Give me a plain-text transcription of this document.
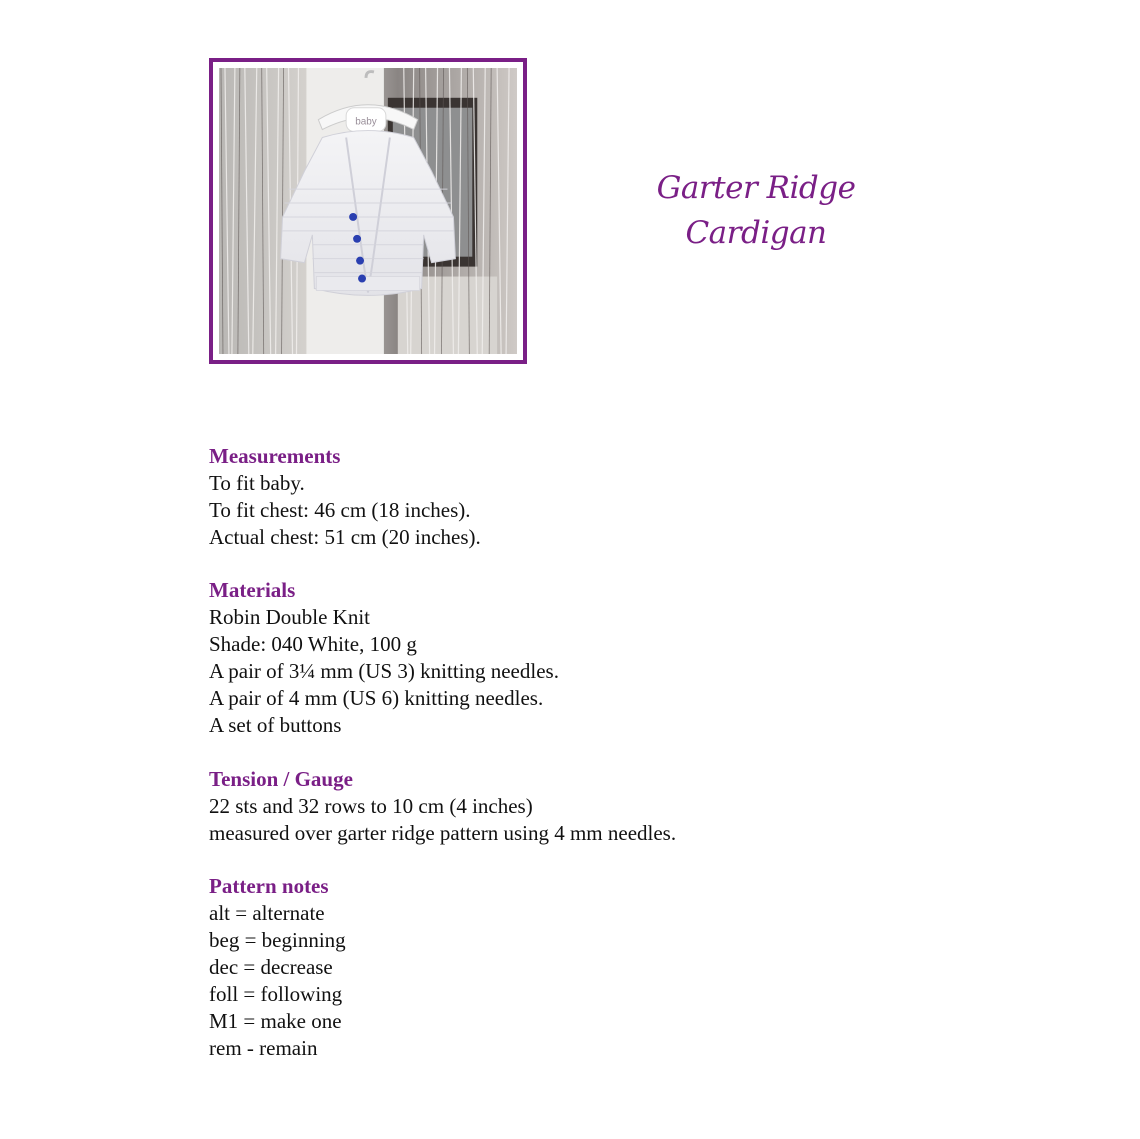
baby
Garter Ridge
Cardigan
Measurements
To fit baby.
To fit chest: 46 cm (18 inches).
Actual chest: 51 cm (20 inches).
Materials
Robin Double Knit
Shade: 040 White, 100 g
A pair of 3¼ mm (US 3) knitting needles.
A pair of 4 mm (US 6) knitting needles.
A set of buttons
Tension / Gauge
22 sts and 32 rows to 10 cm (4 inches)
measured over garter ridge pattern using 4 mm needles.
Pattern notes
alt = alternate
beg = beginning
dec = decrease
foll = following
M1 = make one
rem - remain
